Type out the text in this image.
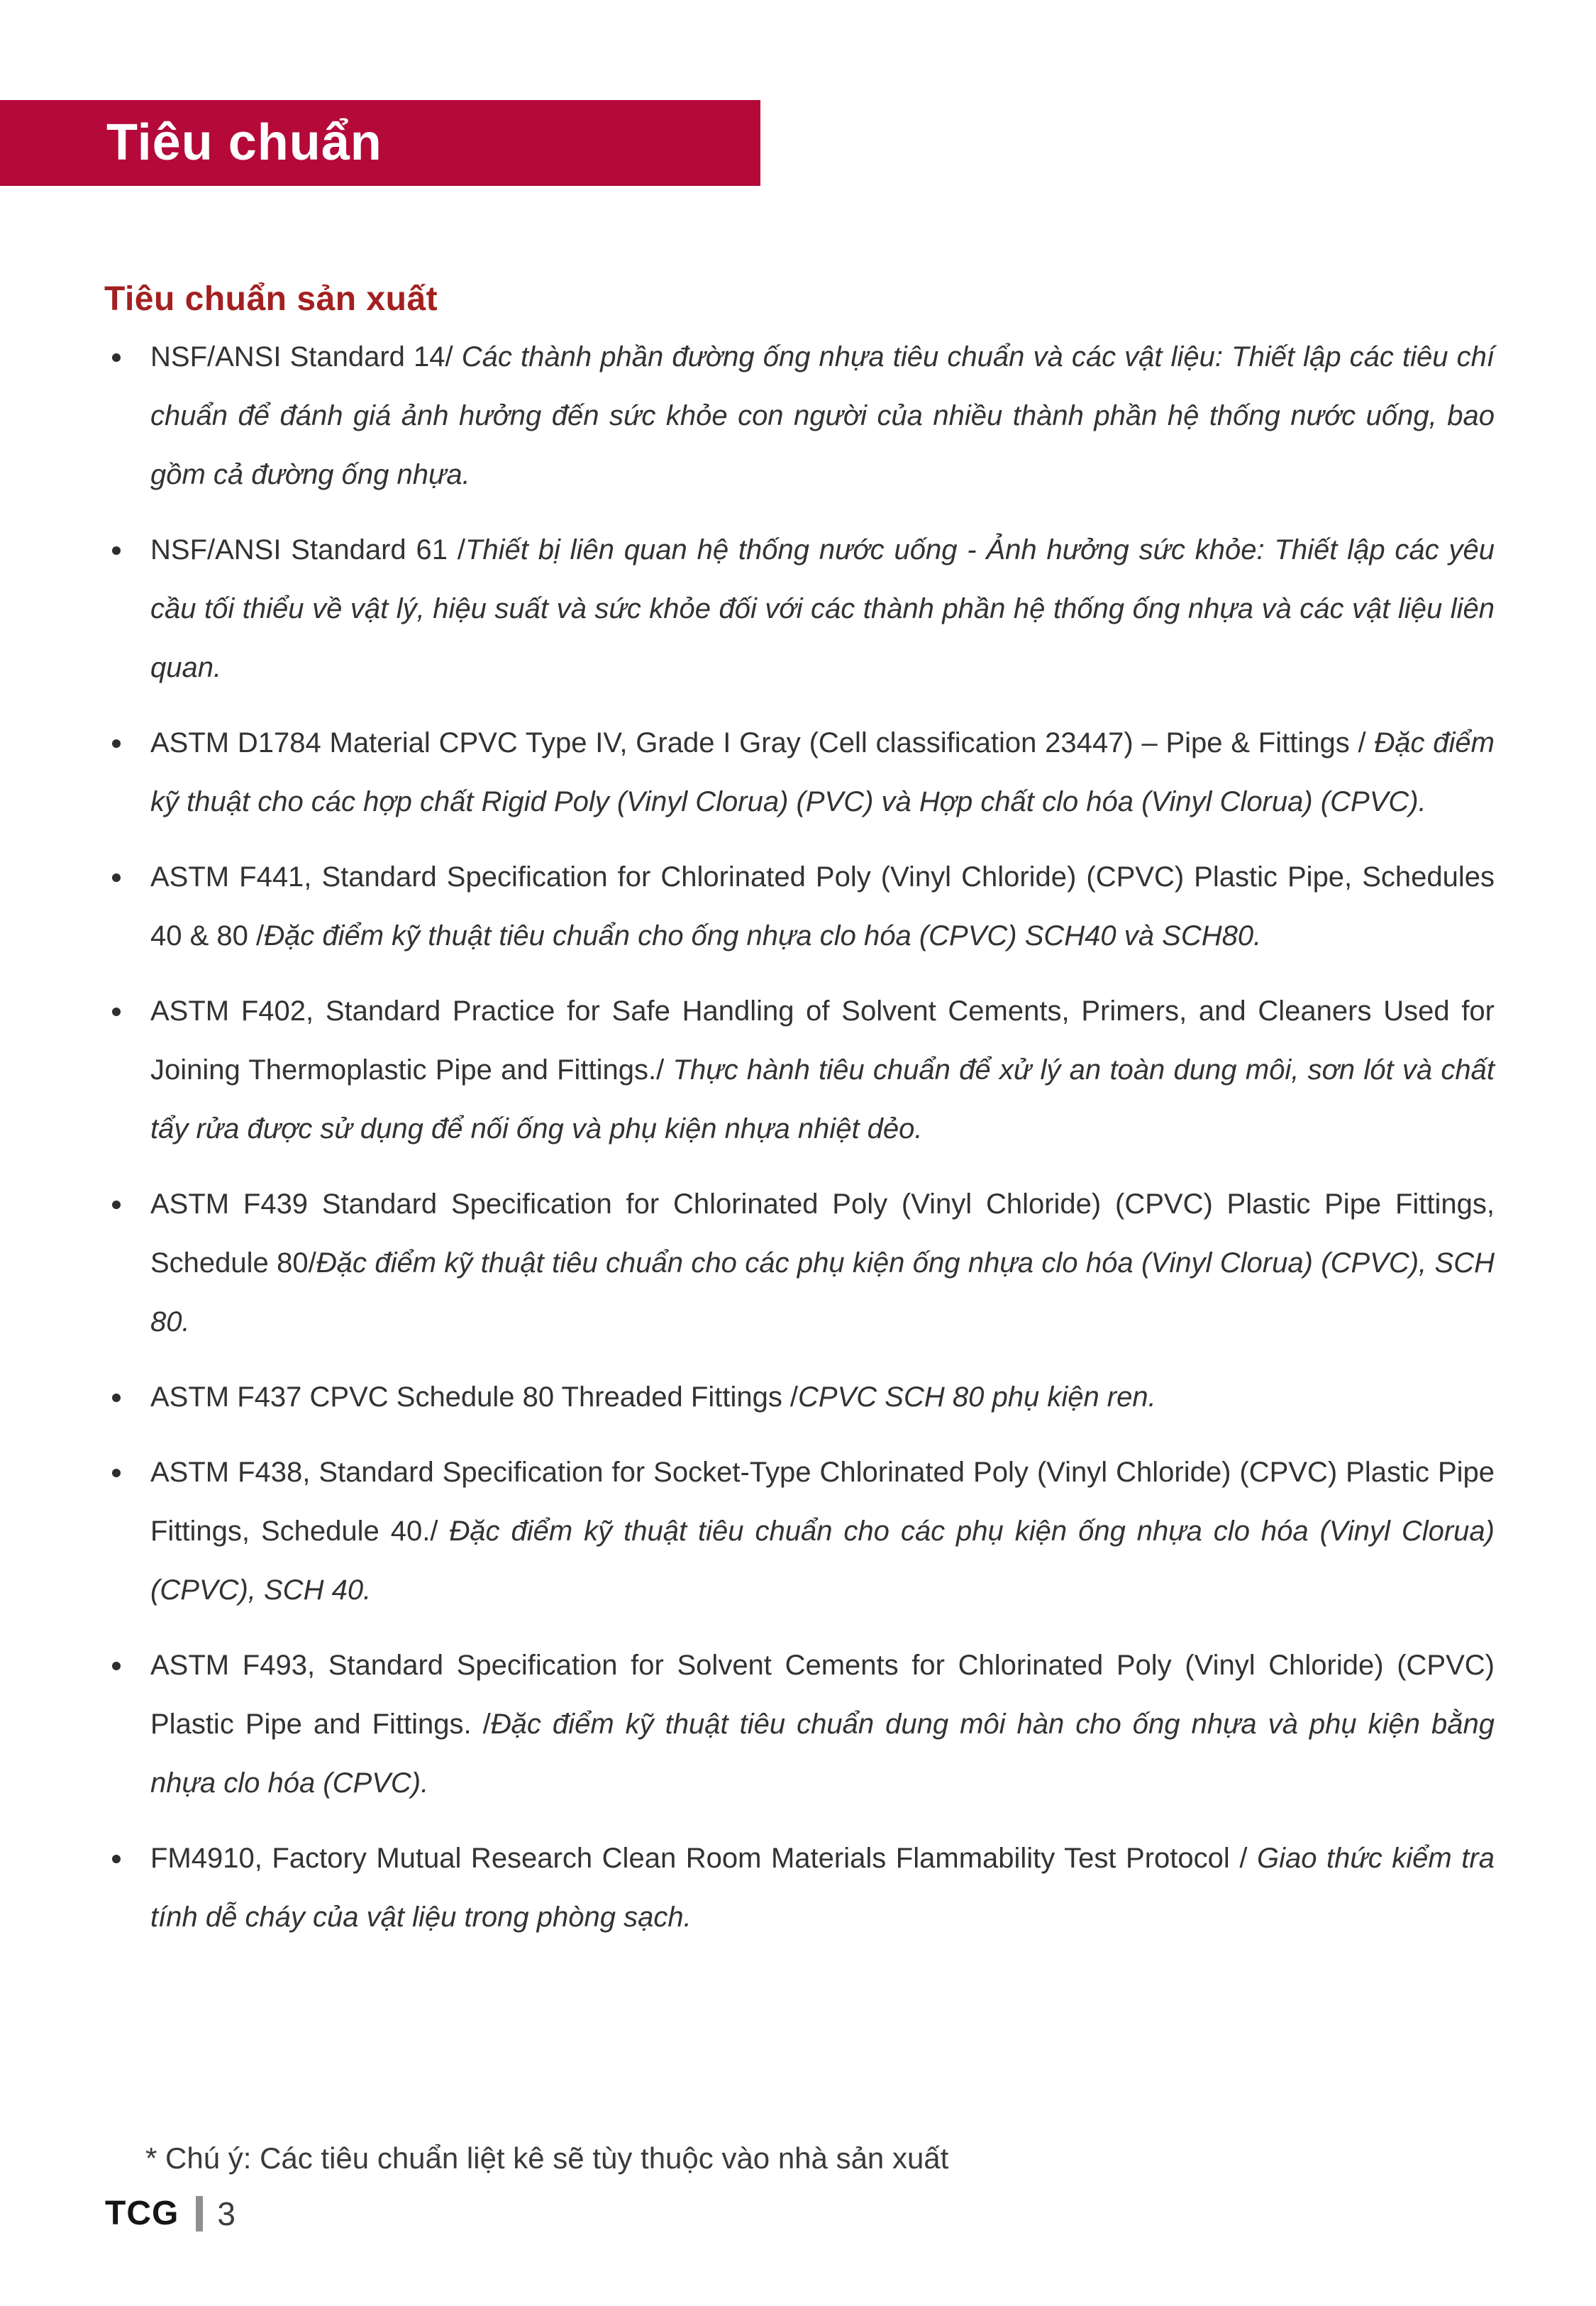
Tiêu chuẩn
Tiêu chuẩn sản xuất
NSF/ANSI Standard 14/ Các thành phần đường ống nhựa tiêu chuẩn và các vật liệu: Thiết lập các tiêu chí chuẩn để đánh giá ảnh hưởng đến sức khỏe con người của nhiều thành phần hệ thống nước uống, bao gồm cả đường ống nhựa.
NSF/ANSI Standard 61 /Thiết bị liên quan hệ thống nước uống - Ảnh hưởng sức khỏe: Thiết lập các yêu cầu tối thiểu về vật lý, hiệu suất và sức khỏe đối với các thành phần hệ thống ống nhựa và các vật liệu liên quan.
ASTM D1784 Material CPVC Type IV, Grade I Gray (Cell classification 23447) – Pipe & Fittings / Đặc điểm kỹ thuật cho các hợp chất Rigid Poly (Vinyl Clorua) (PVC) và Hợp chất clo hóa (Vinyl Clorua) (CPVC).
ASTM F441, Standard Specification for Chlorinated Poly (Vinyl Chloride) (CPVC) Plastic Pipe, Schedules 40 & 80 /Đặc điểm kỹ thuật tiêu chuẩn cho ống nhựa clo hóa (CPVC) SCH40 và SCH80.
ASTM F402, Standard Practice for Safe Handling of Solvent Cements, Primers, and Cleaners Used for Joining Thermoplastic Pipe and Fittings./ Thực hành tiêu chuẩn để xử lý an toàn dung môi, sơn lót và chất tẩy rửa được sử dụng để nối ống và phụ kiện nhựa nhiệt dẻo.
ASTM F439 Standard Specification for Chlorinated Poly (Vinyl Chloride) (CPVC) Plastic Pipe Fittings, Schedule 80/Đặc điểm kỹ thuật tiêu chuẩn cho các phụ kiện ống nhựa clo hóa (Vinyl Clorua) (CPVC), SCH 80.
ASTM F437 CPVC Schedule 80 Threaded Fittings /CPVC SCH 80 phụ kiện ren.
ASTM F438, Standard Specification for Socket-Type Chlorinated Poly (Vinyl Chloride) (CPVC) Plastic Pipe Fittings, Schedule 40./ Đặc điểm kỹ thuật tiêu chuẩn cho các phụ kiện ống nhựa clo hóa (Vinyl Clorua) (CPVC), SCH 40.
ASTM F493, Standard Specification for Solvent Cements for Chlorinated Poly (Vinyl Chloride) (CPVC) Plastic Pipe and Fittings. /Đặc điểm kỹ thuật tiêu chuẩn dung môi hàn cho ống nhựa và phụ kiện bằng nhựa clo hóa (CPVC).
FM4910, Factory Mutual Research Clean Room Materials Flammability Test Protocol / Giao thức kiểm tra tính dễ cháy của vật liệu trong phòng sạch.

* Chú ý: Các tiêu chuẩn liệt kê sẽ tùy thuộc vào nhà sản xuất

TCG 3
